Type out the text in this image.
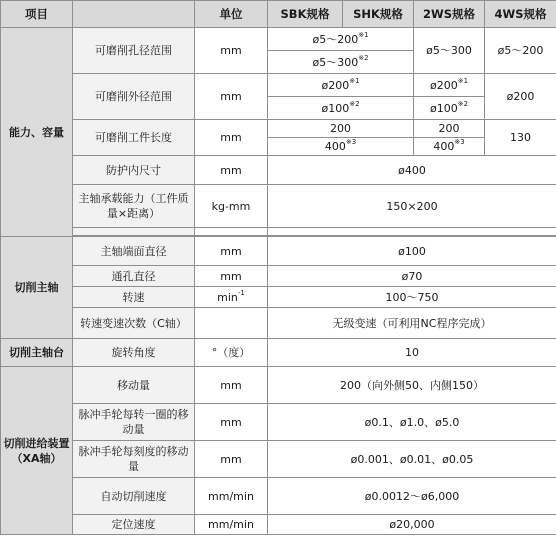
项目		单位	SBK规格	SHK规格	2WS规格	4WS规格
能力、容量	可磨削孔径范围	mm	ø5～200$^{※1}$		ø5～300	ø5～200
			ø5～300$^{※2}$
	可磨削外径范围	mm	ø200$^{※1}$		ø200$^{※1}$	ø200
			ø100$^{※2}$		ø100$^{※2}$
	可磨削工件长度	mm	200		200	130
			400$^{※3}$		400$^{※3}$
	防护内尺寸	mm	ø400			
	主轴承载能力（工件质量×距离）	kg-mm	150×200			

切削主轴	主轴端面直径	mm	ø100			
	通孔直径	mm	ø70			
	转速	$\min^{-1}$	100～750			
	转速变速次数（C轴）		无级变速（可利用NC程序完成）			
切削主轴台	旋转角度	°（度）	10			
切削进给装置（XA轴）	移动量	mm	200（向外侧50、内侧150）			
	脉冲手轮每转一圈的移动量	mm	ø0.1、ø1.0、ø5.0			
	脉冲手轮每刻度的移动量	mm	ø0.001、ø0.01、ø0.05			
	自动切削速度	mm/min	ø0.0012～ø6,000			
	定位速度	mm/min	ø20,000			
